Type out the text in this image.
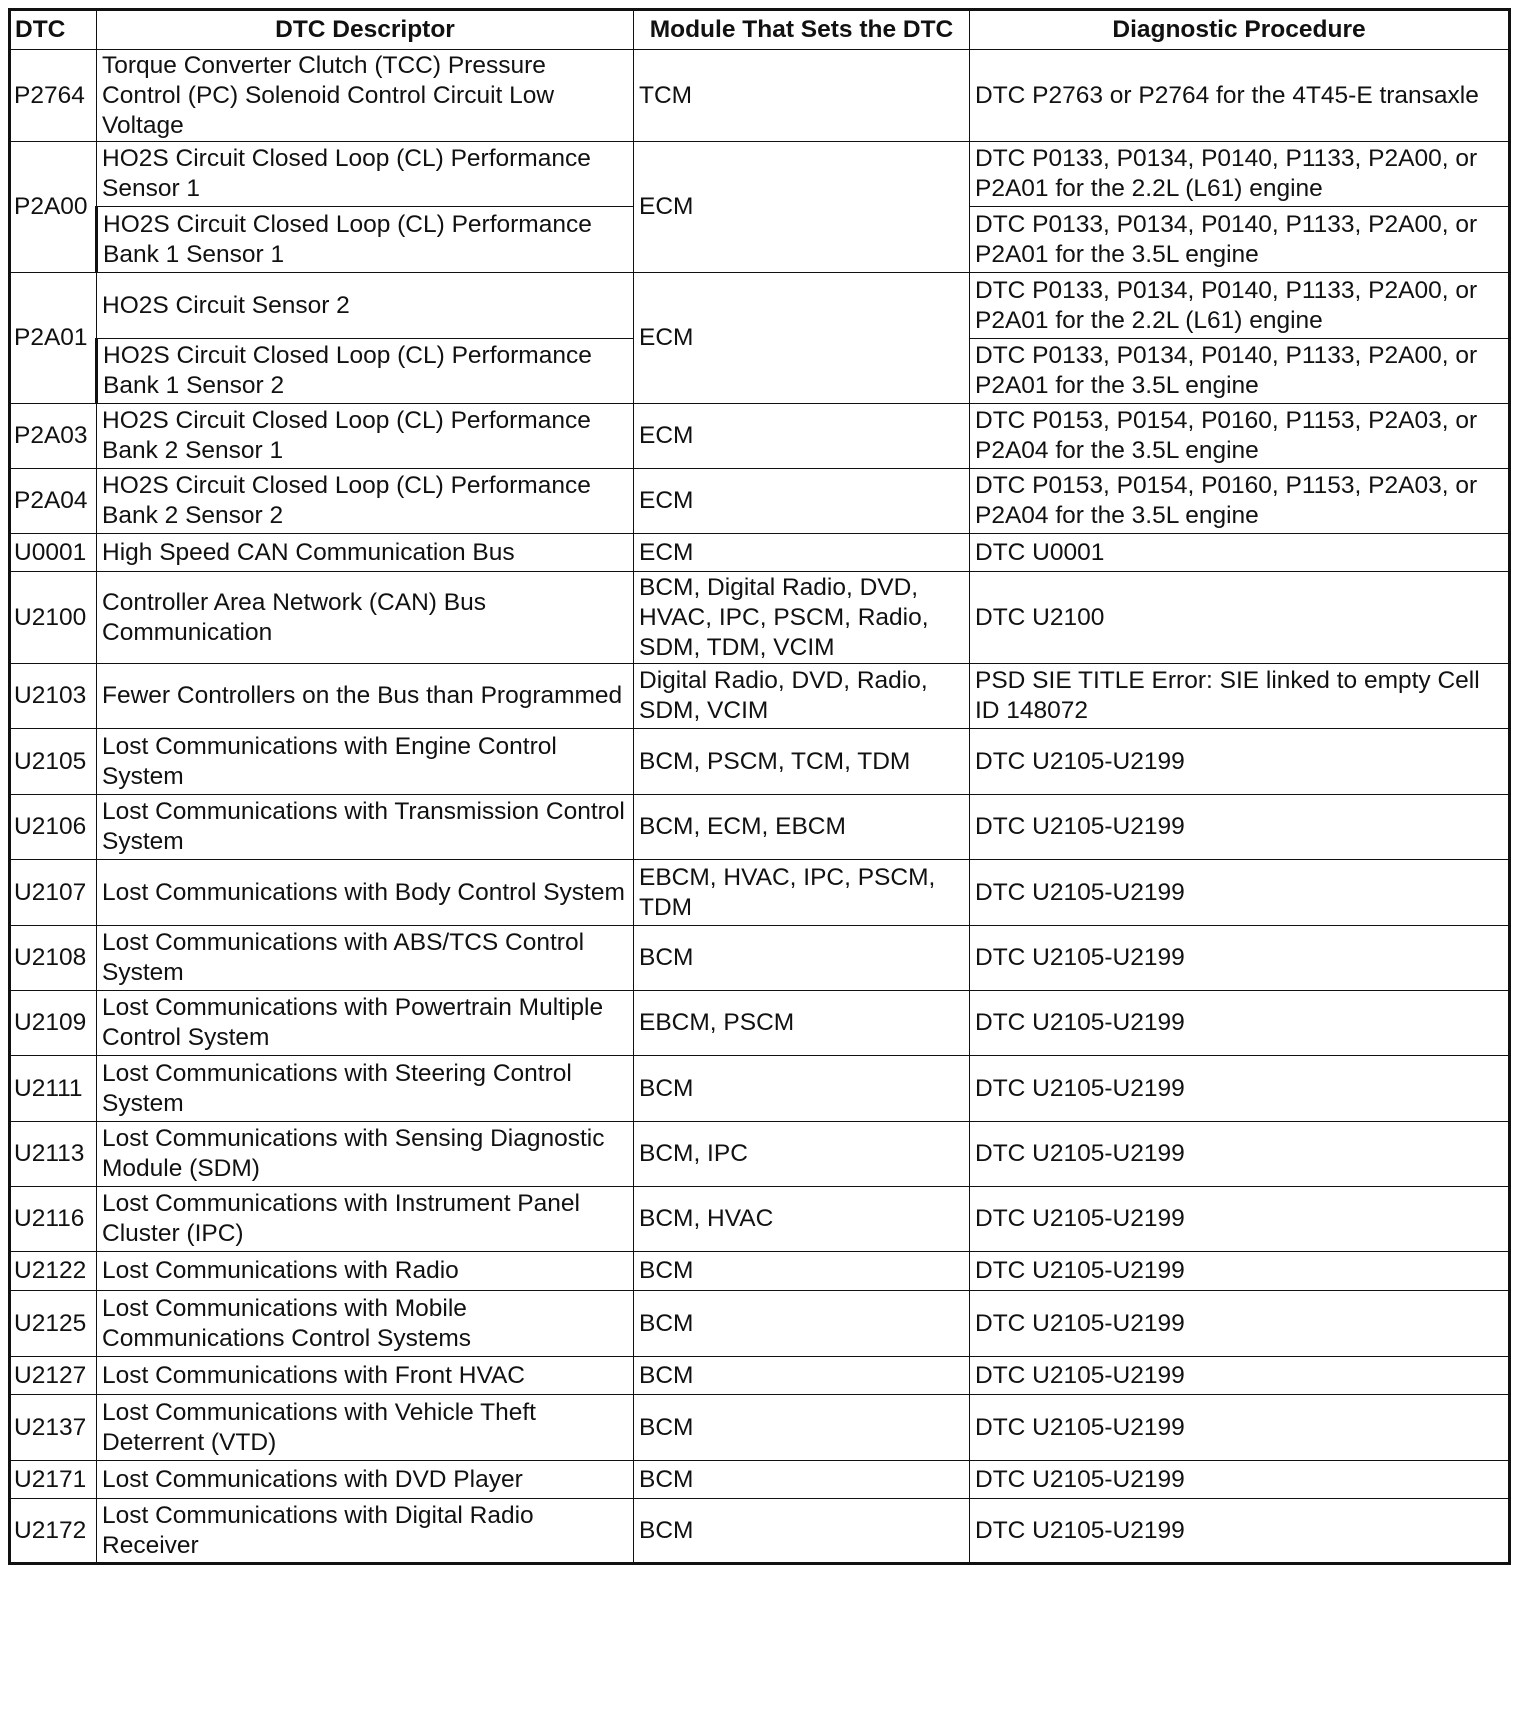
DTC	DTC Descriptor	Module That Sets the DTC	Diagnostic Procedure
P2764	Torque Converter Clutch (TCC) Pressure Control (PC) Solenoid Control Circuit Low Voltage	TCM	DTC P2763 or P2764 for the 4T45-E transaxle
P2A00	HO2S Circuit Closed Loop (CL) Performance Sensor 1	ECM	DTC P0133, P0134, P0140, P1133, P2A00, or P2A01 for the 2.2L (L61) engine
	HO2S Circuit Closed Loop (CL) Performance Bank 1 Sensor 1		DTC P0133, P0134, P0140, P1133, P2A00, or P2A01 for the 3.5L engine
P2A01	HO2S Circuit Sensor 2	ECM	DTC P0133, P0134, P0140, P1133, P2A00, or P2A01 for the 2.2L (L61) engine
	HO2S Circuit Closed Loop (CL) Performance Bank 1 Sensor 2		DTC P0133, P0134, P0140, P1133, P2A00, or P2A01 for the 3.5L engine
P2A03	HO2S Circuit Closed Loop (CL) Performance Bank 2 Sensor 1	ECM	DTC P0153, P0154, P0160, P1153, P2A03, or P2A04 for the 3.5L engine
P2A04	HO2S Circuit Closed Loop (CL) Performance Bank 2 Sensor 2	ECM	DTC P0153, P0154, P0160, P1153, P2A03, or P2A04 for the 3.5L engine
U0001	High Speed CAN Communication Bus	ECM	DTC U0001
U2100	Controller Area Network (CAN) Bus Communication	BCM, Digital Radio, DVD, HVAC, IPC, PSCM, Radio, SDM, TDM, VCIM	DTC U2100
U2103	Fewer Controllers on the Bus than Programmed	Digital Radio, DVD, Radio, SDM, VCIM	PSD SIE TITLE Error: SIE linked to empty Cell ID 148072
U2105	Lost Communications with Engine Control System	BCM, PSCM, TCM, TDM	DTC U2105-U2199
U2106	Lost Communications with Transmission Control System	BCM, ECM, EBCM	DTC U2105-U2199
U2107	Lost Communications with Body Control System	EBCM, HVAC, IPC, PSCM, TDM	DTC U2105-U2199
U2108	Lost Communications with ABS/TCS Control System	BCM	DTC U2105-U2199
U2109	Lost Communications with Powertrain Multiple Control System	EBCM, PSCM	DTC U2105-U2199
U2111	Lost Communications with Steering Control System	BCM	DTC U2105-U2199
U2113	Lost Communications with Sensing Diagnostic Module (SDM)	BCM, IPC	DTC U2105-U2199
U2116	Lost Communications with Instrument Panel Cluster (IPC)	BCM, HVAC	DTC U2105-U2199
U2122	Lost Communications with Radio	BCM	DTC U2105-U2199
U2125	Lost Communications with Mobile Communications Control Systems	BCM	DTC U2105-U2199
U2127	Lost Communications with Front HVAC	BCM	DTC U2105-U2199
U2137	Lost Communications with Vehicle Theft Deterrent (VTD)	BCM	DTC U2105-U2199
U2171	Lost Communications with DVD Player	BCM	DTC U2105-U2199
U2172	Lost Communications with Digital Radio Receiver	BCM	DTC U2105-U2199
